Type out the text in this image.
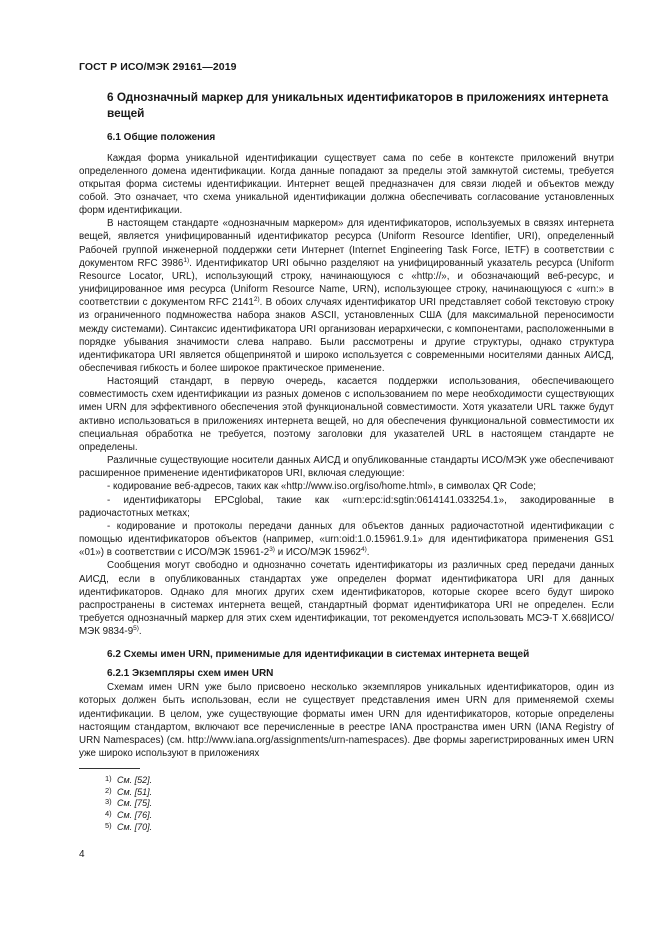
ГОСТ Р ИСО/МЭК 29161—2019
6 Однозначный маркер для уникальных идентификаторов в приложениях интернета вещей
6.1 Общие положения

Каждая форма уникальной идентификации существует сама по себе в контексте приложений внутри определенного домена идентификации. Когда данные попадают за пределы этой замкнутой системы, требуется открытая форма системы идентификации. Интернет вещей предназначен для связи людей и объектов между собой. Это означает, что схема уникальной идентификации должна обеспечивать согласование установленных форм идентификации.

В настоящем стандарте «однозначным маркером» для идентификаторов, используемых в связях интернета вещей, является унифицированный идентификатор ресурса (Uniform Resource Identifier, URI), определенный Рабочей группой инженерной поддержки сети Интернет (Internet Engineering Task Force, IETF) в соответствии с документом RFC 3986$^{1)}$. Идентификатор URI обычно разделяют на унифицированный указатель ресурса (Uniform Resource Locator, URL), использующий строку, начинающуюся с «http://», и обозначающий веб-ресурс, и унифицированное имя ресурса (Uniform Resource Name, URN), использующее строку, начинающуюся с «urn:» в соответствии с документом RFC 2141$^{2)}$. В обоих случаях идентификатор URI представляет собой текстовую строку из ограниченного подмножества набора знаков ASCII, установленных США (для максимальной переносимости между системами). Синтаксис идентификатора URI организован иерархически, с компонентами, расположенными в порядке убывания значимости слева направо. Были рассмотрены и другие структуры, однако структура идентификатора URI является общепринятой и широко используется с современными носителями данных АИСД, обеспечивая гибкость и более широкое практическое применение.

Настоящий стандарт, в первую очередь, касается поддержки использования, обеспечивающего совместимость схем идентификации из разных доменов с использованием по мере необходимости существующих имен URN для эффективного обеспечения этой функциональной совместимости. Хотя указатели URL также будут активно использоваться в приложениях интернета вещей, но для обеспечения функциональной совместимости их специальная обработка не требуется, поэтому заголовки для указателей URL в настоящем стандарте не определены.

Различные существующие носители данных АИСД и опубликованные стандарты ИСО/МЭК уже обеспечивают расширенное применение идентификаторов URI, включая следующие:

- кодирование веб-адресов, таких как «http://www.iso.org/iso/home.html», в символах QR Code;

- идентификаторы EPCglobal, такие как «urn:epc:id:sgtin:0614141.033254.1», закодированные в радиочастотных метках;

- кодирование и протоколы передачи данных для объектов данных радиочастотной идентификации с помощью идентификаторов объектов (например, «urn:oid:1.0.15961.9.1» для идентификатора применения GS1 «01») в соответствии с ИСО/МЭК 15961-2$^{3)}$ и ИСО/МЭК 15962$^{4)}$.

Сообщения могут свободно и однозначно сочетать идентификаторы из различных сред передачи данных АИСД, если в опубликованных стандартах уже определен формат идентификатора URI для данных идентификаторов. Однако для многих других схем идентификаторов, которые скорее всего будут широко распространены в системах интернета вещей, стандартный формат идентификатора URI не определен. Если требуется однозначный маркер для этих схем идентификации, тот рекомендуется использовать МСЭ-Т Х.668|ИСО/МЭК 9834-9$^{5)}$.

6.2 Схемы имен URN, применимые для идентификации в системах интернета вещей
6.2.1 Экземпляры схем имен URN

Схемам имен URN уже было присвоено несколько экземпляров уникальных идентификаторов, один из которых должен быть использован, если не существует представления имен URN для применяемой схемы идентификации. В целом, уже существующие форматы имен URN для идентификаторов, которые определены настоящим стандартом, включают все перечисленные в реестре IANA пространства имен URN (IANA Registry of URN Namespaces) (см. http://www.iana.org/assignments/urn-namespaces). Две формы зарегистрированных имен URN уже широко используют в приложениях

1) См. [52].
2) См. [51].
3) См. [75].
4) См. [76].
5) См. [70].
4
